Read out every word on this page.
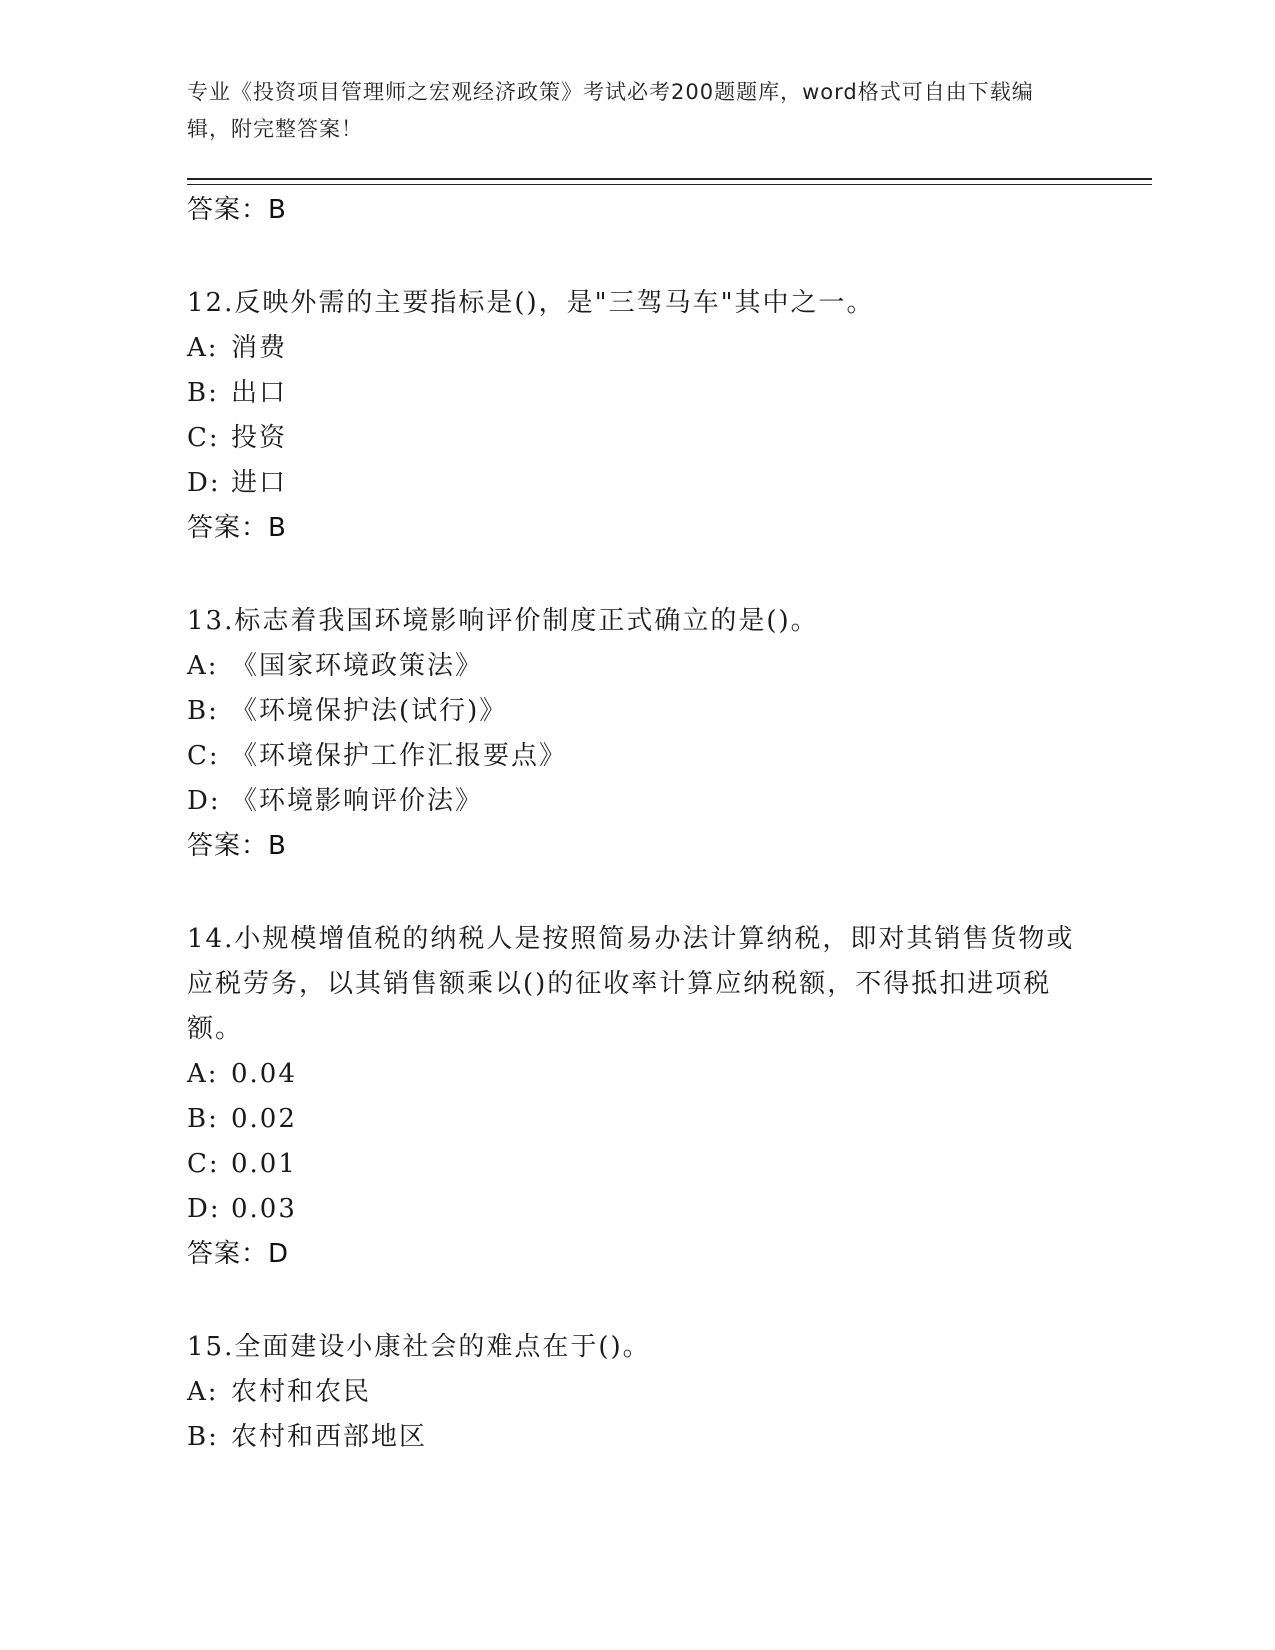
专业《投资项目管理师之宏观经济政策》考试必考200题题库，word格式可自由下载编辑，附完整答案！
答案：B
12.反映外需的主要指标是()，是"三驾马车"其中之一。
A: 消费
B: 出口
C: 投资
D: 进口
答案：B
13.标志着我国环境影响评价制度正式确立的是()。
A: 《国家环境政策法》
B: 《环境保护法(试行)》
C: 《环境保护工作汇报要点》
D: 《环境影响评价法》
答案：B
14.小规模增值税的纳税人是按照简易办法计算纳税，即对其销售货物或应税劳务，以其销售额乘以()的征收率计算应纳税额，不得抵扣进项税额。
A: 0.04
B: 0.02
C: 0.01
D: 0.03
答案：D
15.全面建设小康社会的难点在于()。
A: 农村和农民
B: 农村和西部地区
